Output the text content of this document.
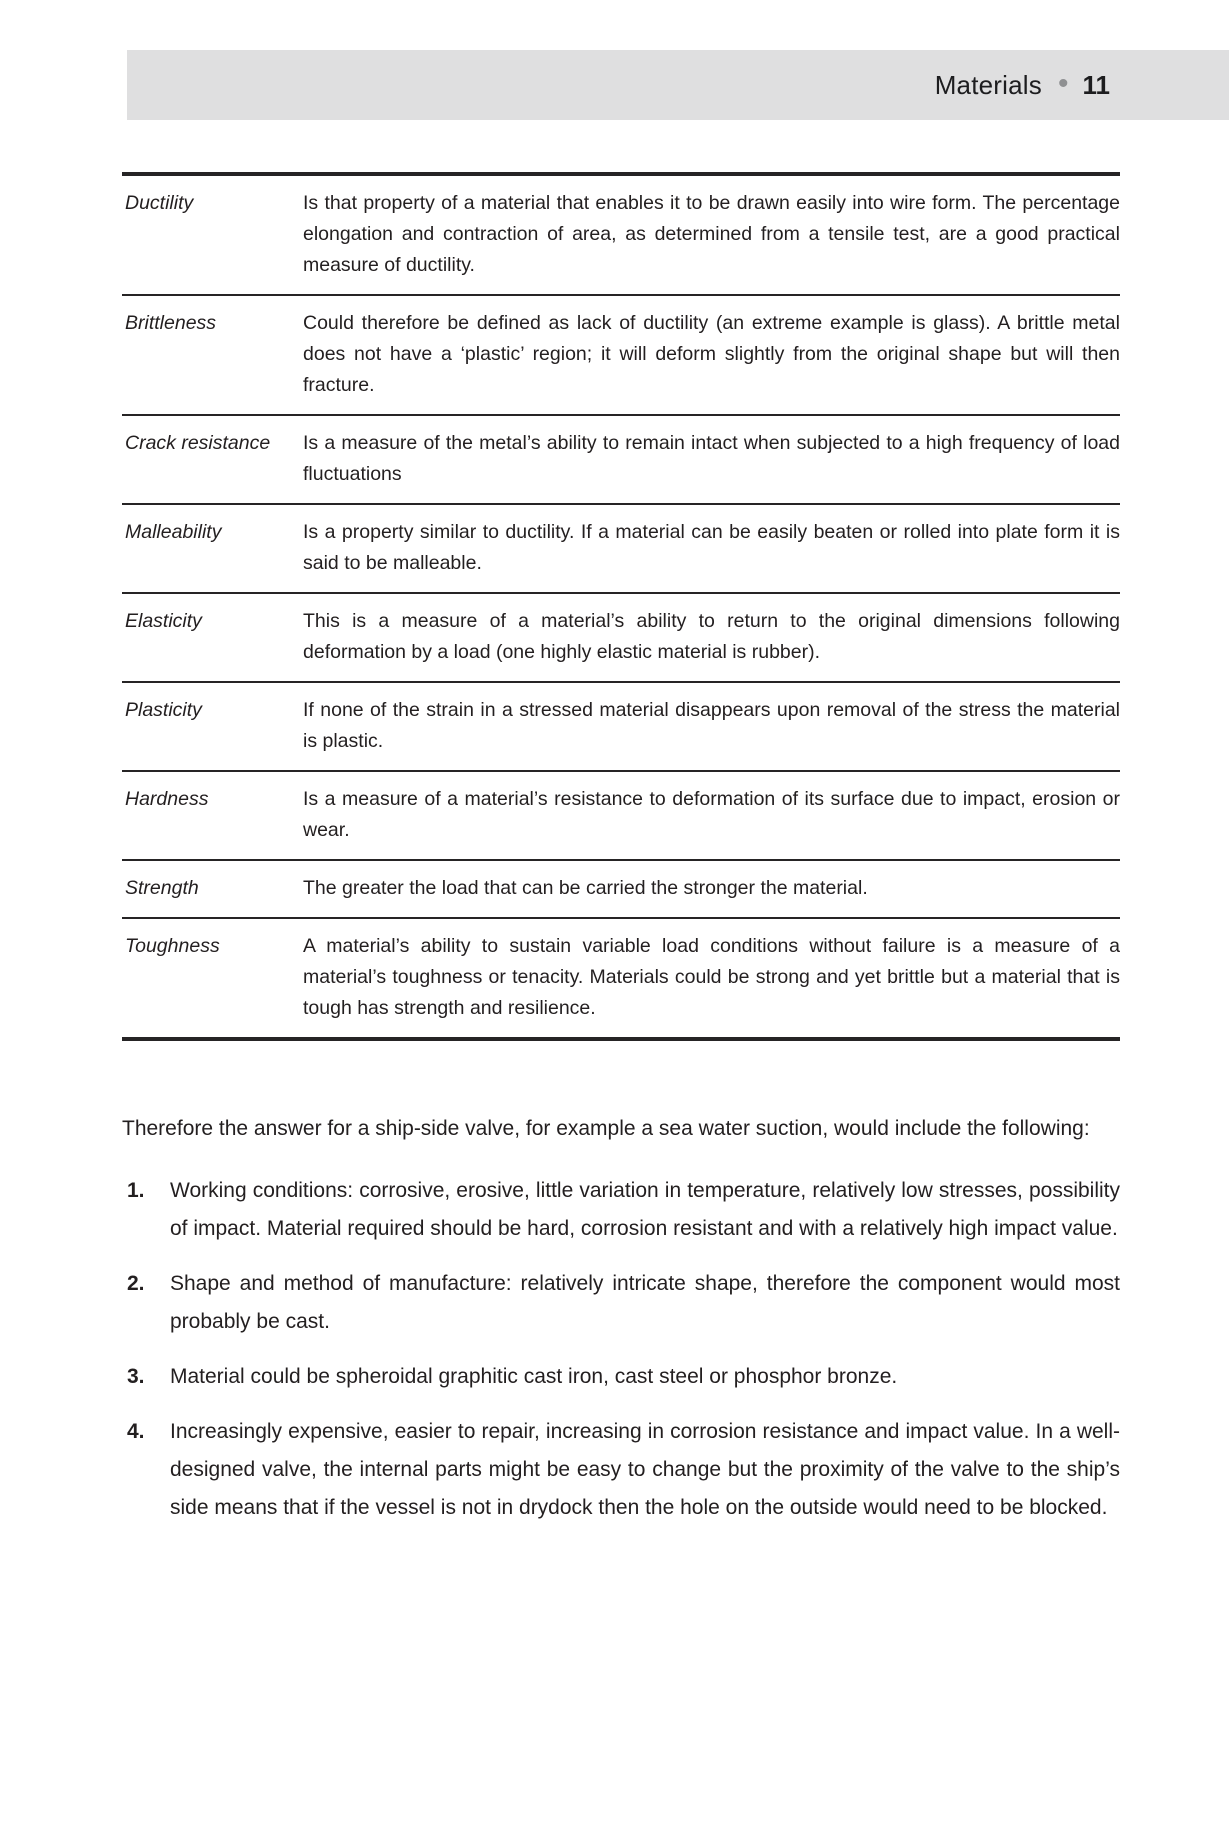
Materials • 11
Ductility	Is that property of a material that enables it to be drawn easily into wire form. The percentage elongation and contraction of area, as determined from a tensile test, are a good practical measure of ductility.
Brittleness	Could therefore be defined as lack of ductility (an extreme example is glass). A brittle metal does not have a ‘plastic’ region; it will deform slightly from the original shape but will then fracture.
Crack resistance	Is a measure of the metal’s ability to remain intact when subjected to a high frequency of load fluctuations
Malleability	Is a property similar to ductility. If a material can be easily beaten or rolled into plate form it is said to be malleable.
Elasticity	This is a measure of a material’s ability to return to the original dimensions following deformation by a load (one highly elastic material is rubber).
Plasticity	If none of the strain in a stressed material disappears upon removal of the stress the material is plastic.
Hardness	Is a measure of a material’s resistance to deformation of its surface due to impact, erosion or wear.
Strength	The greater the load that can be carried the stronger the material.
Toughness	A material’s ability to sustain variable load conditions without failure is a measure of a material’s toughness or tenacity. Materials could be strong and yet brittle but a material that is tough has strength and resilience.

Therefore the answer for a ship-side valve, for example a sea water suction, would include the following:

1.	Working conditions: corrosive, erosive, little variation in temperature, relatively low stresses, possibility of impact. Material required should be hard, corrosion resistant and with a relatively high impact value.
2.	Shape and method of manufacture: relatively intricate shape, therefore the component would most probably be cast.
3.	Material could be spheroidal graphitic cast iron, cast steel or phosphor bronze.
4.	Increasingly expensive, easier to repair, increasing in corrosion resistance and impact value. In a well-designed valve, the internal parts might be easy to change but the proximity of the valve to the ship’s side means that if the vessel is not in drydock then the hole on the outside would need to be blocked.
